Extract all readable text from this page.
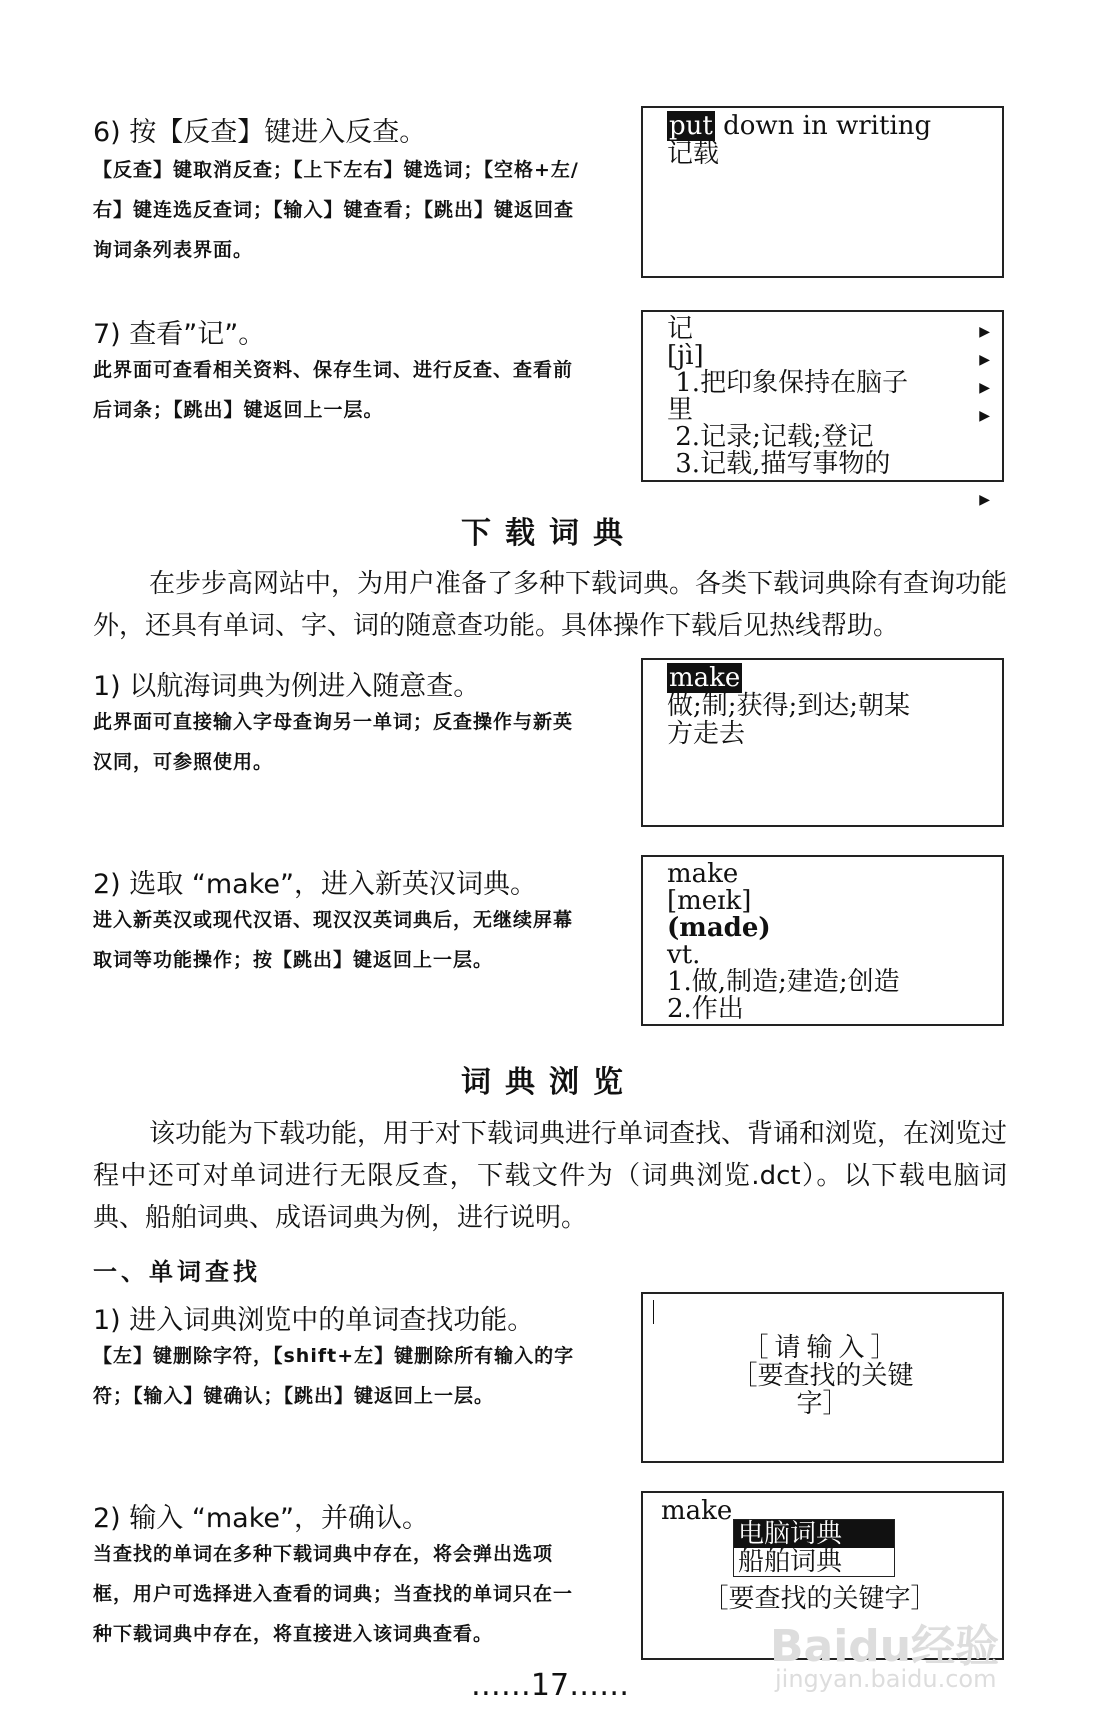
6) 按【反查】键进入反查。
【反查】键取消反查；【上下左右】键选词；【空格+左/右】键连选反查词；【输入】键查看；【跳出】键返回查询词条列表界面。
put down in writing
记载
7) 查看”记”。
此界面可查看相关资料、保存生词、进行反查、查看前后词条；【跳出】键返回上一层。
记
[jì]
1.把印象保持在脑子
里
2.记录;记载;登记
3.记载,描写事物的
▶
▶
▶
▶

▶
下载词典
在步步高网站中，为用户准备了多种下载词典。各类下载词典除有查询功能外，还具有单词、字、词的随意查功能。具体操作下载后见热线帮助。
1) 以航海词典为例进入随意查。
此界面可直接输入字母查询另一单词；反查操作与新英汉同，可参照使用。
make
做;制;获得;到达;朝某
方走去
2) 选取 “make”，进入新英汉词典。
进入新英汉或现代汉语、现汉汉英词典后，无继续屏幕取词等功能操作；按【跳出】键返回上一层。
make
[meɪk]
(made)
vt.
1.做,制造;建造;创造
2.作出
词典浏览
该功能为下载功能，用于对下载词典进行单词查找、背诵和浏览，在浏览过程中还可对单词进行无限反查，下载文件为（词典浏览.dct）。以下载电脑词典、船舶词典、成语词典为例，进行说明。
一、单词查找
1) 进入词典浏览中的单词查找功能。
【左】键删除字符，【shift+左】键删除所有输入的字符；【输入】键确认；【跳出】键返回上一层。
［请输入］
［要查找的关键
字］
2) 输入 “make”，并确认。
当查找的单词在多种下载词典中存在，将会弹出选项框，用户可选择进入查看的词典；当查找的单词只在一种下载词典中存在，将直接进入该词典查看。
make
［要查找的关键字］
电脑词典
船舶词典
……17……
Baidu经验
jingyan.baidu.com
